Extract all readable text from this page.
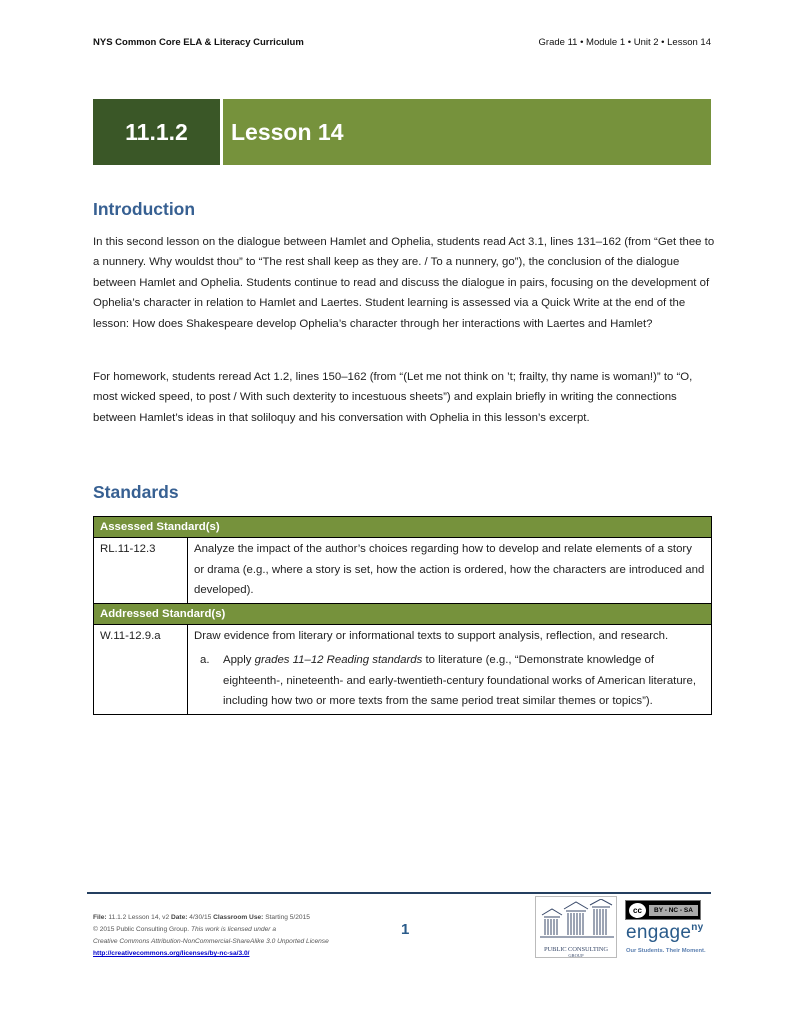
NYS Common Core ELA & Literacy Curriculum	Grade 11 • Module 1 • Unit 2 • Lesson 14
11.1.2	Lesson 14
Introduction

In this second lesson on the dialogue between Hamlet and Ophelia, students read Act 3.1, lines 131–162 (from “Get thee to a nunnery. Why wouldst thou” to “The rest shall keep as they are. / To a nunnery, go”), the conclusion of the dialogue between Hamlet and Ophelia. Students continue to read and discuss the dialogue in pairs, focusing on the development of Ophelia’s character in relation to Hamlet and Laertes. Student learning is assessed via a Quick Write at the end of the lesson: How does Shakespeare develop Ophelia’s character through her interactions with Laertes and Hamlet?

For homework, students reread Act 1.2, lines 150–162 (from “(Let me not think on ’t; frailty, thy name is woman!)” to “O, most wicked speed, to post / With such dexterity to incestuous sheets”) and explain briefly in writing the connections between Hamlet’s ideas in that soliloquy and his conversation with Ophelia in this lesson’s excerpt.

Standards
Assessed Standard(s)	
RL.11-12.3	Analyze the impact of the author’s choices regarding how to develop and relate elements of a story or drama (e.g., where a story is set, how the action is ordered, how the characters are introduced and developed).
Addressed Standard(s)	
W.11-12.9.a	Draw evidence from literary or informational texts to support analysis, reflection, and research.
a. Apply grades 11–12 Reading standards to literature (e.g., “Demonstrate knowledge of eighteenth-, nineteenth- and early-twentieth-century foundational works of American literature, including how two or more texts from the same period treat similar themes or topics”).
File: 11.1.2 Lesson 14, v2 Date: 4/30/15 Classroom Use: Starting 5/2015
© 2015 Public Consulting Group. This work is licensed under a
Creative Commons Attribution-NonCommercial-ShareAlike 3.0 Unported License
http://creativecommons.org/licenses/by-nc-sa/3.0/
1
PUBLIC CONSULTING
GROUP
cc	BY - NC - SA
engage$^{ny}$
Our Students. Their Moment.
